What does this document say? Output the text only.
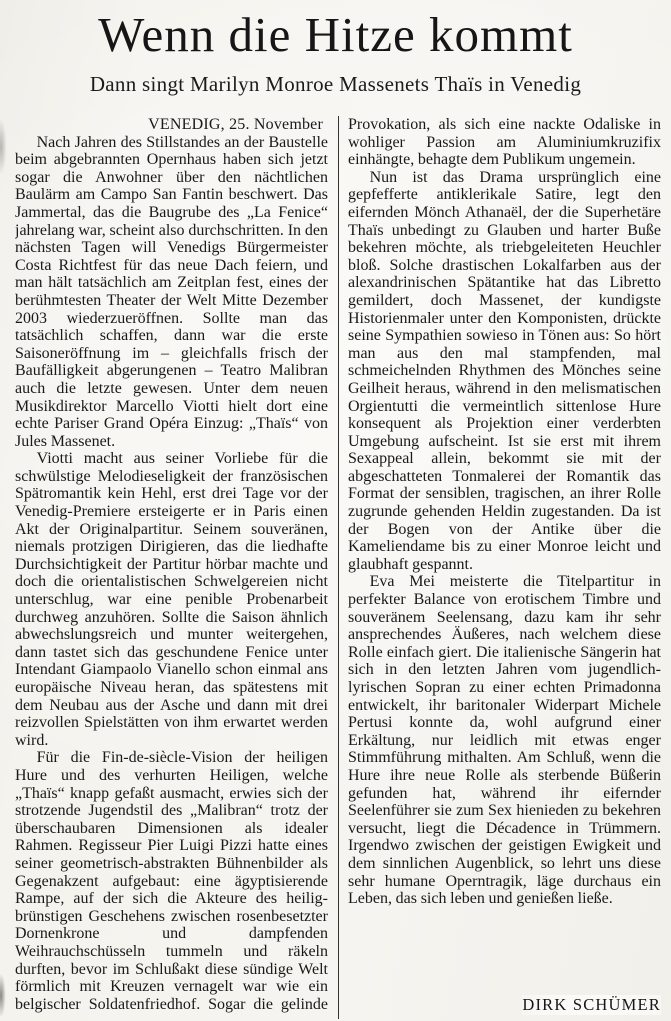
Wenn die Hitze kommt
Dann singt Marilyn Monroe Massenets Thaïs in Venedig
VENEDIG, 25. November

Nach Jahren des Stillstandes an der Baustelle beim abgebrannten Opernhaus haben sich jetzt sogar die Anwohner über den nächtlichen Baulärm am Campo San Fantin beschwert. Das Jammertal, das die Baugrube des „La Fenice“ jahrelang war, scheint also durchschritten. In den nächsten Tagen will Venedigs Bürgermeister Costa Richtfest für das neue Dach feiern, und man hält tatsächlich am Zeitplan fest, eines der berühmtesten Theater der Welt Mitte Dezember 2003 wiederzueröffnen. Sollte man das tatsächlich schaffen, dann war die erste Saisoneröffnung im – gleichfalls frisch der Baufälligkeit abgerungenen – Teatro Malibran auch die letzte gewesen. Unter dem neuen Musikdirektor Marcello Viotti hielt dort eine echte Pariser Grand Opéra Einzug: „Thaïs“ von Jules Massenet.

Viotti macht aus seiner Vorliebe für die schwülstige Melodieseligkeit der französischen Spätromantik kein Hehl, erst drei Tage vor der Venedig-Premiere ersteigerte er in Paris einen Akt der Originalpartitur. Seinem souveränen, niemals protzigen Dirigieren, das die liedhafte Durchsichtigkeit der Partitur hörbar machte und doch die orientalistischen Schwelgereien nicht unterschlug, war eine penible Probenarbeit durchweg anzuhören. Sollte die Saison ähnlich abwechslungsreich und munter weitergehen, dann tastet sich das geschundene Fenice unter Intendant Giampaolo Vianello schon einmal ans europäische Niveau heran, das spätestens mit dem Neubau aus der Asche und dann mit drei reizvollen Spielstätten von ihm erwartet werden wird.

Für die Fin-de-siècle-Vision der heiligen Hure und des verhurten Heiligen, welche „Thaïs“ knapp gefaßt ausmacht, erwies sich der strotzende Jugendstil des „Malibran“ trotz der überschaubaren Dimensionen als idealer Rahmen. Regisseur Pier Luigi Pizzi hatte eines seiner geometrisch-abstrakten Bühnenbilder als Gegenakzent aufgebaut: eine ägyptisierende Rampe, auf der sich die Akteure des heilig-brünstigen Geschehens zwischen rosenbesetzter Dornenkrone und dampfenden Weihrauchschüsseln tummeln und räkeln durften, bevor im Schlußakt diese sündige Welt förmlich mit Kreuzen vernagelt war wie ein belgischer Soldatenfriedhof. Sogar die gelinde Provokation, als sich eine nackte Odaliske in wohliger Passion am Aluminiumkruzifix einhängte, behagte dem Publikum ungemein.

Nun ist das Drama ursprünglich eine gepfefferte antiklerikale Satire, legt den eifernden Mönch Athanaël, der die Superhetäre Thaïs unbedingt zu Glauben und harter Buße bekehren möchte, als triebgeleiteten Heuchler bloß. Solche drastischen Lokalfarben aus der alexandrinischen Spätantike hat das Libretto gemildert, doch Massenet, der kundigste Historienmaler unter den Komponisten, drückte seine Sympathien sowieso in Tönen aus: So hört man aus den mal stampfenden, mal schmeichelnden Rhythmen des Mönches seine Geilheit heraus, während in den melismatischen Orgientutti die vermeintlich sittenlose Hure konsequent als Projektion einer verderbten Umgebung aufscheint. Ist sie erst mit ihrem Sexappeal allein, bekommt sie mit der abgeschatteten Tonmalerei der Romantik das Format der sensiblen, tragischen, an ihrer Rolle zugrunde gehenden Heldin zugestanden. Da ist der Bogen von der Antike über die Kameliendame bis zu einer Monroe leicht und glaubhaft gespannt.

Eva Mei meisterte die Titelpartitur in perfekter Balance von erotischem Timbre und souveränem Seelensang, dazu kam ihr sehr ansprechendes Äußeres, nach welchem diese Rolle einfach giert. Die italienische Sängerin hat sich in den letzten Jahren vom jugendlich-lyrischen Sopran zu einer echten Primadonna entwickelt, ihr baritonaler Widerpart Michele Pertusi konnte da, wohl aufgrund einer Erkältung, nur leidlich mit etwas enger Stimmführung mithalten. Am Schluß, wenn die Hure ihre neue Rolle als sterbende Büßerin gefunden hat, während ihr eifernder Seelenführer sie zum Sex hienieden zu bekehren versucht, liegt die Décadence in Trümmern. Irgendwo zwischen der geistigen Ewigkeit und dem sinnlichen Augenblick, so lehrt uns diese sehr humane Operntragik, läge durchaus ein Leben, das sich leben und genießen ließe.

DIRK SCHÜMER
